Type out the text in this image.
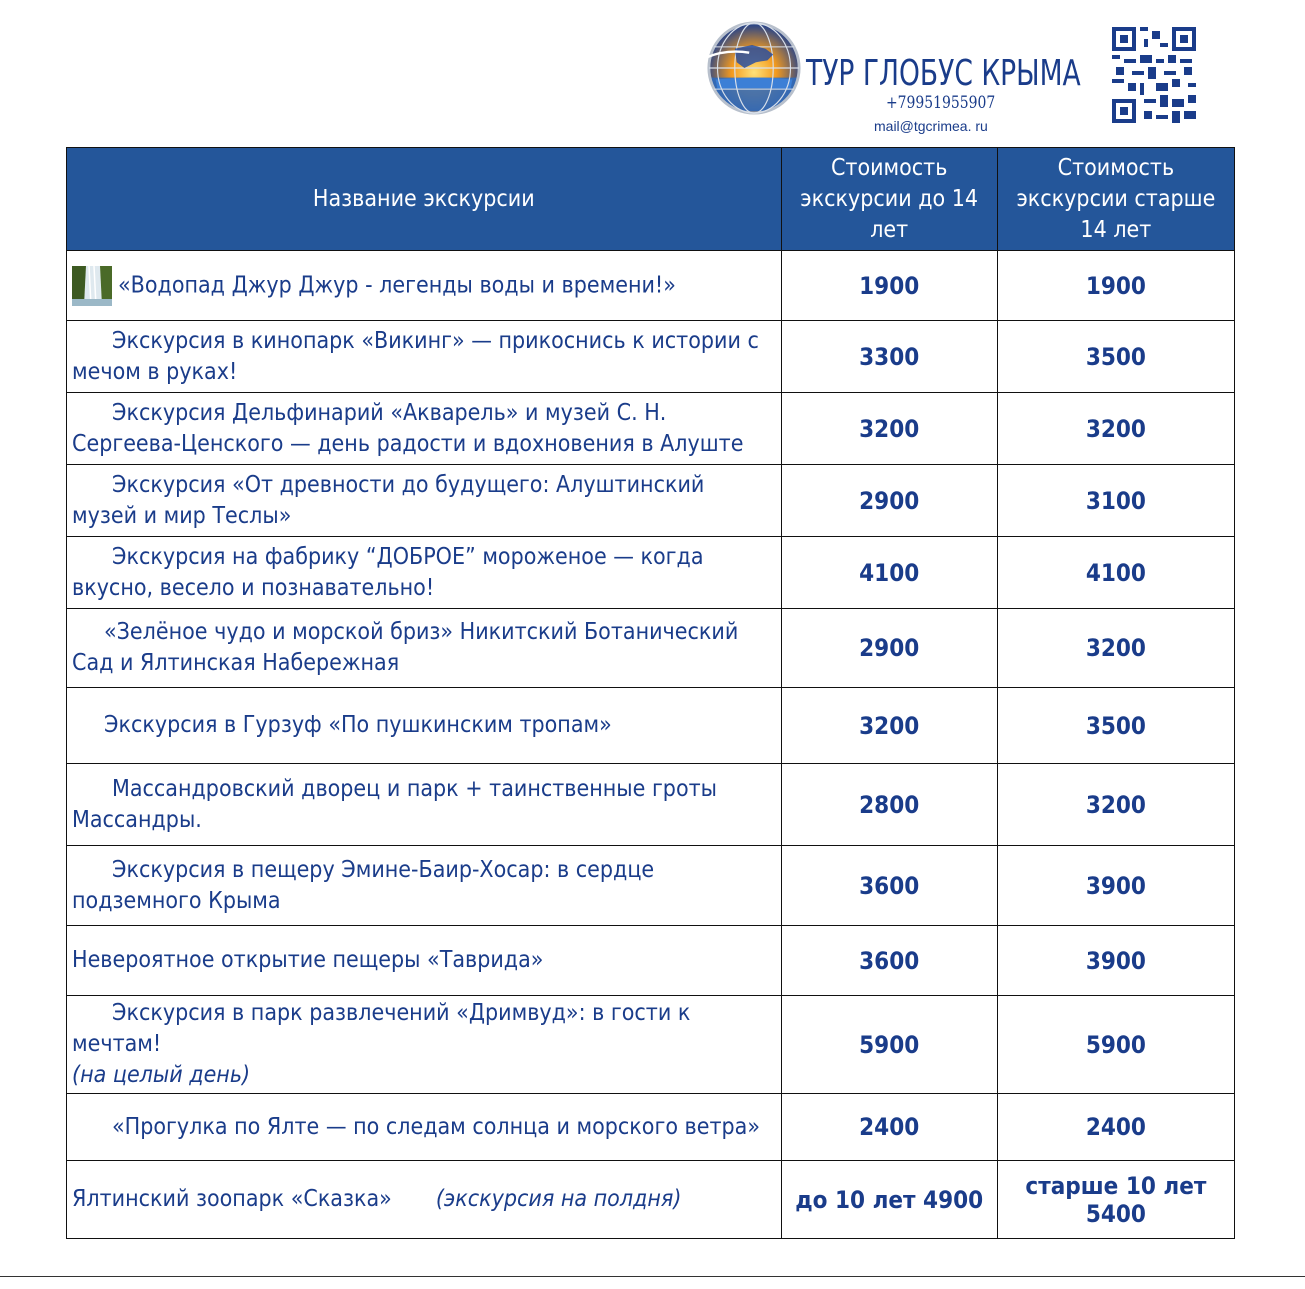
ТУР ГЛОБУС КРЫМА
+79951955907
mail@tgcrimea. ru
Название экскурсии	Стоимость экскурсии до 14 лет	Стоимость экскурсии старше 14 лет
«Водопад Джур Джур - легенды воды и времени!»	1900	1900
Экскурсия в кинопарк «Викинг» — прикоснись к истории с мечом в руках!	3300	3500
Экскурсия Дельфинарий «Акварель» и музей С. Н. Сергеева-Ценского — день радости и вдохновения в Алуште	3200	3200
Экскурсия «От древности до будущего: Алуштинский музей и мир Теслы»	2900	3100
Экскурсия на фабрику “ДОБРОЕ” мороженое — когда вкусно, весело и познавательно!	4100	4100
«Зелёное чудо и морской бриз» Никитский Ботанический Сад и Ялтинская Набережная	2900	3200
Экскурсия в Гурзуф «По пушкинским тропам»	3200	3500
Массандровский дворец и парк + таинственные гроты Массандры.	2800	3200
Экскурсия в пещеру Эмине-Баир-Хосар: в сердце подземного Крыма	3600	3900
Невероятное открытие пещеры «Таврида»	3600	3900
Экскурсия в парк развлечений «Дримвуд»: в гости к мечтам!
(на целый день)	5900	5900
«Прогулка по Ялте — по следам солнца и морского ветра»	2400	2400
Ялтинский зоопарк «Сказка» (экскурсия на полдня)	до 10 лет 4900	старше 10 лет 5400
